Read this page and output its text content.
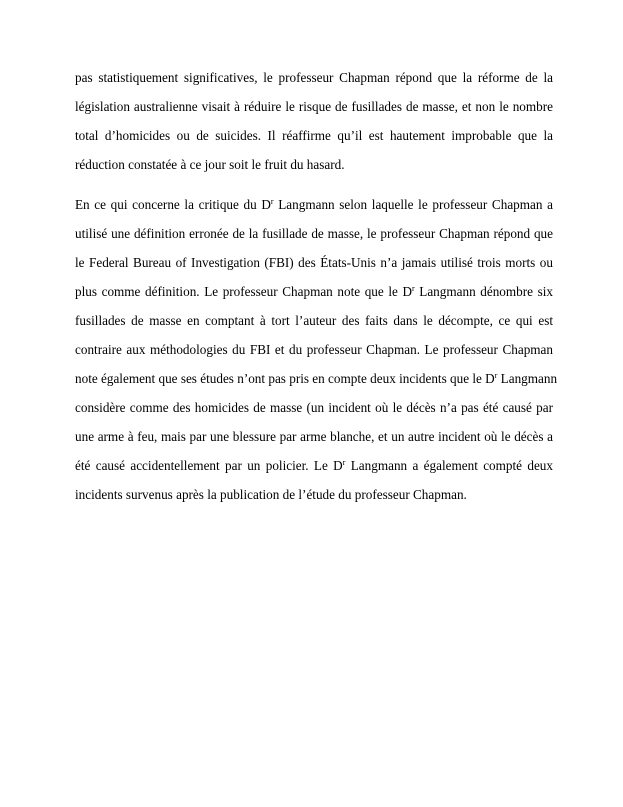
pas statistiquement significatives, le professeur Chapman répond que la réforme de la
législation australienne visait à réduire le risque de fusillades de masse, et non le nombre
total d’homicides ou de suicides. Il réaffirme qu’il est hautement improbable que la
réduction constatée à ce jour soit le fruit du hasard.
En ce qui concerne la critique du $D^r$ Langmann selon laquelle le professeur Chapman a
utilisé une définition erronée de la fusillade de masse, le professeur Chapman répond que
le Federal Bureau of Investigation (FBI) des États-Unis n’a jamais utilisé trois morts ou
plus comme définition. Le professeur Chapman note que le $D^r$ Langmann dénombre six
fusillades de masse en comptant à tort l’auteur des faits dans le décompte, ce qui est
contraire aux méthodologies du FBI et du professeur Chapman. Le professeur Chapman
note également que ses études n’ont pas pris en compte deux incidents que le $D^r$ Langmann
considère comme des homicides de masse (un incident où le décès n’a pas été causé par
une arme à feu, mais par une blessure par arme blanche, et un autre incident où le décès a
été causé accidentellement par un policier. Le $D^r$ Langmann a également compté deux
incidents survenus après la publication de l’étude du professeur Chapman.
